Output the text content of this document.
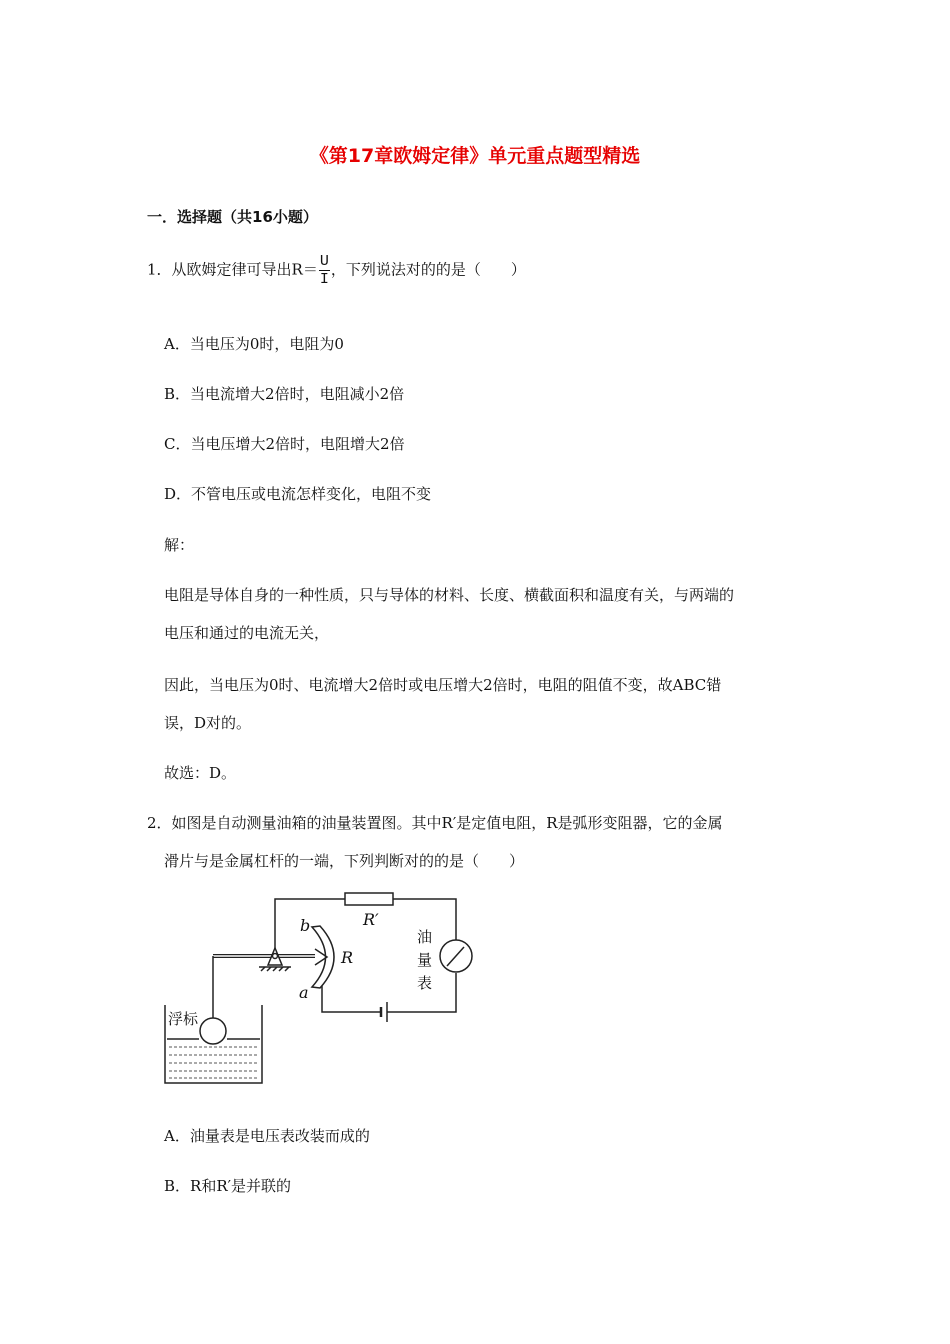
《第17章欧姆定律》单元重点题型精选
一．选择题（共16小题）
1．从欧姆定律可导出$R= \frac{U}{I}$ ，下列说法对的的是（　　）
A．当电压为0时，电阻为0
B．当电流增大2倍时，电阻减小2倍
C．当电压增大2倍时，电阻增大2倍
D．不管电压或电流怎样变化，电阻不变
解：
电阻是导体自身的一种性质，只与导体的材料、长度、横截面积和温度有关，与两端的
电压和通过的电流无关，
因此，当电压为0时、电流增大2倍时或电压增大2倍时，电阻的阻值不变，故ABC错
误，D对的。
故选：D。
2．如图是自动测量油箱的油量装置图。其中R′是定值电阻，R是弧形变阻器，它的金属
滑片与是金属杠杆的一端，下列判断对的的是（　　）
b
a
R
R′
油
量
表
浮标
A．油量表是电压表改装而成的
B．R和R′是并联的
